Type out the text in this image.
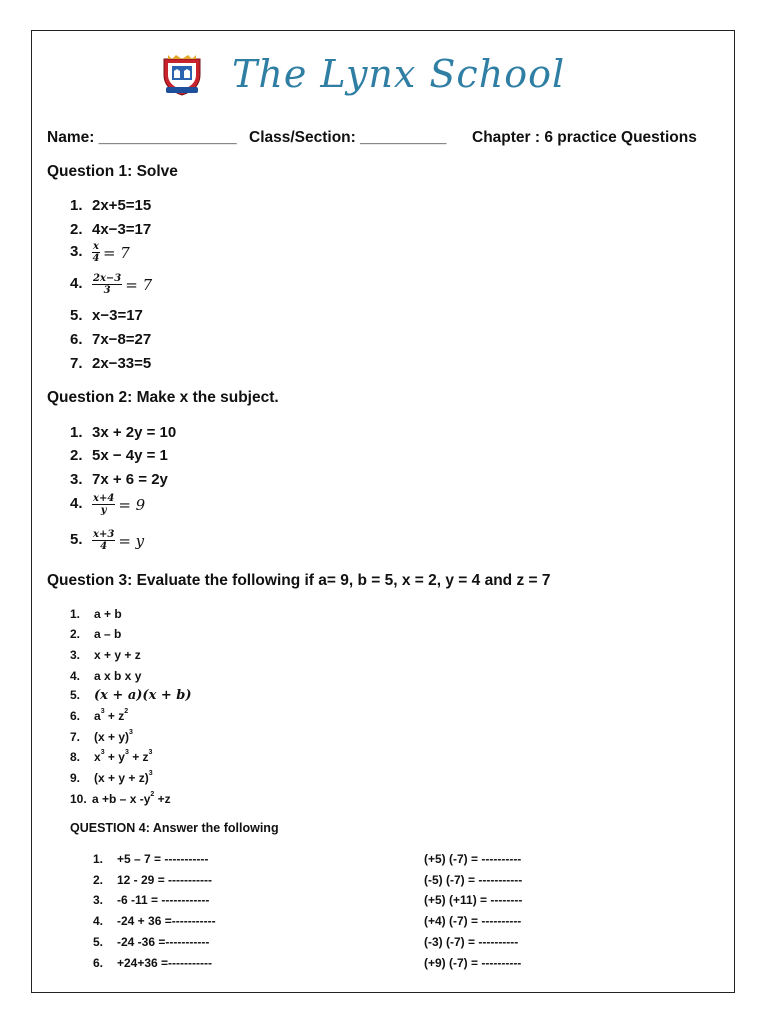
The Lynx School
Name: ________________ Class/Section: __________ Chapter : 6 practice Questions
Question 1: Solve
1. 2x+5=15
2. 4x−3=17
3. $\frac{x}{4} = 7$
4. $\frac{2x-3}{3} = 7$
5. x−3=17
6. 7x−8=27
7. 2x−33=5
Question 2: Make x the subject.
1. 3x + 2y = 10
2. 5x − 4y = 1
3. 7x + 6 = 2y
4. $\frac{x+4}{y} = 9$
5. $\frac{x+3}{4} = y$
Question 3: Evaluate the following if a= 9, b = 5, x = 2, y = 4 and z = 7
1. a + b
2. a – b
3. x + y + z
4. a x b x y
5. (x + a)(x + b)
6. $a^3 + z^2$
7. $(x + y)^3$
8. $x^3 + y^3 + z^3$
9. $(x + y + z)^3$
10. a +b – x $-y^2 +z$
QUESTION 4: Answer the following
1. +5 – 7 = -----------
2. 12 - 29 = -----------
3. -6 -11 = ------------
4. -24 + 36 =-----------
5. -24 -36 =-----------
6. +24+36 =-----------
(+5) (-7) = ----------
(-5) (-7) = -----------
(+5) (+11) = --------
(+4) (-7) = ----------
(-3) (-7) = ----------
(+9) (-7) = ----------
